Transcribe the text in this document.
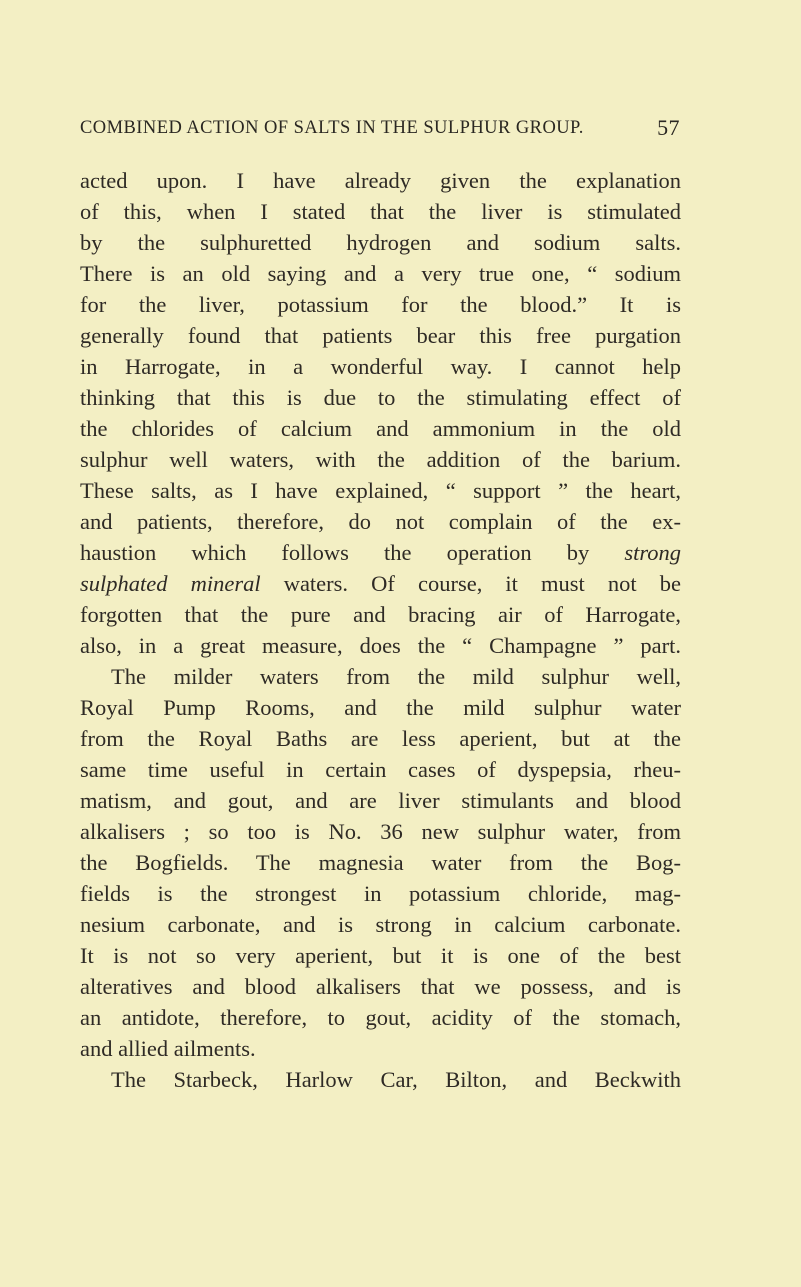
COMBINED ACTION OF SALTS IN THE SULPHUR GROUP.	57
acted upon. I have already given the explanation
of this, when I stated that the liver is stimulated
by the sulphuretted hydrogen and sodium salts.
There is an old saying and a very true one, “ sodium
for the liver, potassium for the blood.” It is
generally found that patients bear this free purgation
in Harrogate, in a wonderful way. I cannot help
thinking that this is due to the stimulating effect of
the chlorides of calcium and ammonium in the old
sulphur well waters, with the addition of the barium.
These salts, as I have explained, “ support ” the heart,
and patients, therefore, do not complain of the ex-
haustion which follows the operation by strong
sulphated mineral waters. Of course, it must not be
forgotten that the pure and bracing air of Harrogate,
also, in a great measure, does the “ Champagne ” part.
The milder waters from the mild sulphur well,
Royal Pump Rooms, and the mild sulphur water
from the Royal Baths are less aperient, but at the
same time useful in certain cases of dyspepsia, rheu-
matism, and gout, and are liver stimulants and blood
alkalisers ; so too is No. 36 new sulphur water, from
the Bogfields. The magnesia water from the Bog-
fields is the strongest in potassium chloride, mag-
nesium carbonate, and is strong in calcium carbonate.
It is not so very aperient, but it is one of the best
alteratives and blood alkalisers that we possess, and is
an antidote, therefore, to gout, acidity of the stomach,
and allied ailments.
The Starbeck, Harlow Car, Bilton, and Beckwith
